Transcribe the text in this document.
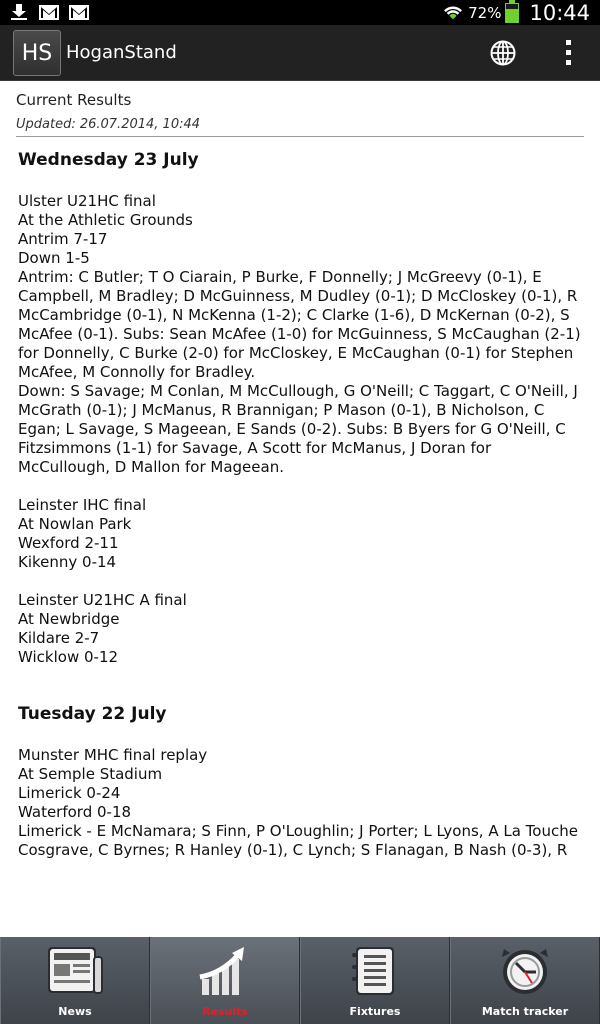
72% 10:44
HS HoganStand
Current Results
Updated: 26.07.2014, 10:44
Wednesday 23 July

Ulster U21HC final

At the Athletic Grounds

Antrim 7-17

Down 1-5

Antrim: C Butler; T O Ciarain, P Burke, F Donnelly; J McGreevy (0-1), E Campbell, M Bradley; D McGuinness, M Dudley (0-1); D McCloskey (0-1), R McCambridge (0-1), N McKenna (1-2); C Clarke (1-6), D McKernan (0-2), S McAfee (0-1). Subs: Sean McAfee (1-0) for McGuinness, S McCaughan (2-1) for Donnelly, C Burke (2-0) for McCloskey, E McCaughan (0-1) for Stephen McAfee, M Connolly for Bradley.

Down: S Savage; M Conlan, M McCullough, G O'Neill; C Taggart, C O'Neill, J McGrath (0-1); J McManus, R Brannigan; P Mason (0-1), B Nicholson, C Egan; L Savage, S Mageean, E Sands (0-2). Subs: B Byers for G O'Neill, C Fitzsimmons (1-1) for Savage, A Scott for McManus, J Doran for McCullough, D Mallon for Mageean.

Leinster IHC final

At Nowlan Park

Wexford 2-11

Kikenny 0-14

Leinster U21HC A final

At Newbridge

Kildare 2-7

Wicklow 0-12

Tuesday 22 July

Munster MHC final replay

At Semple Stadium

Limerick 0-24

Waterford 0-18

Limerick - E McNamara; S Finn, P O'Loughlin; J Porter; L Lyons, A La Touche Cosgrave, C Byrnes; R Hanley (0-1), C Lynch; S Flanagan, B Nash (0-3), R

News	Results	Fixtures	Match tracker
